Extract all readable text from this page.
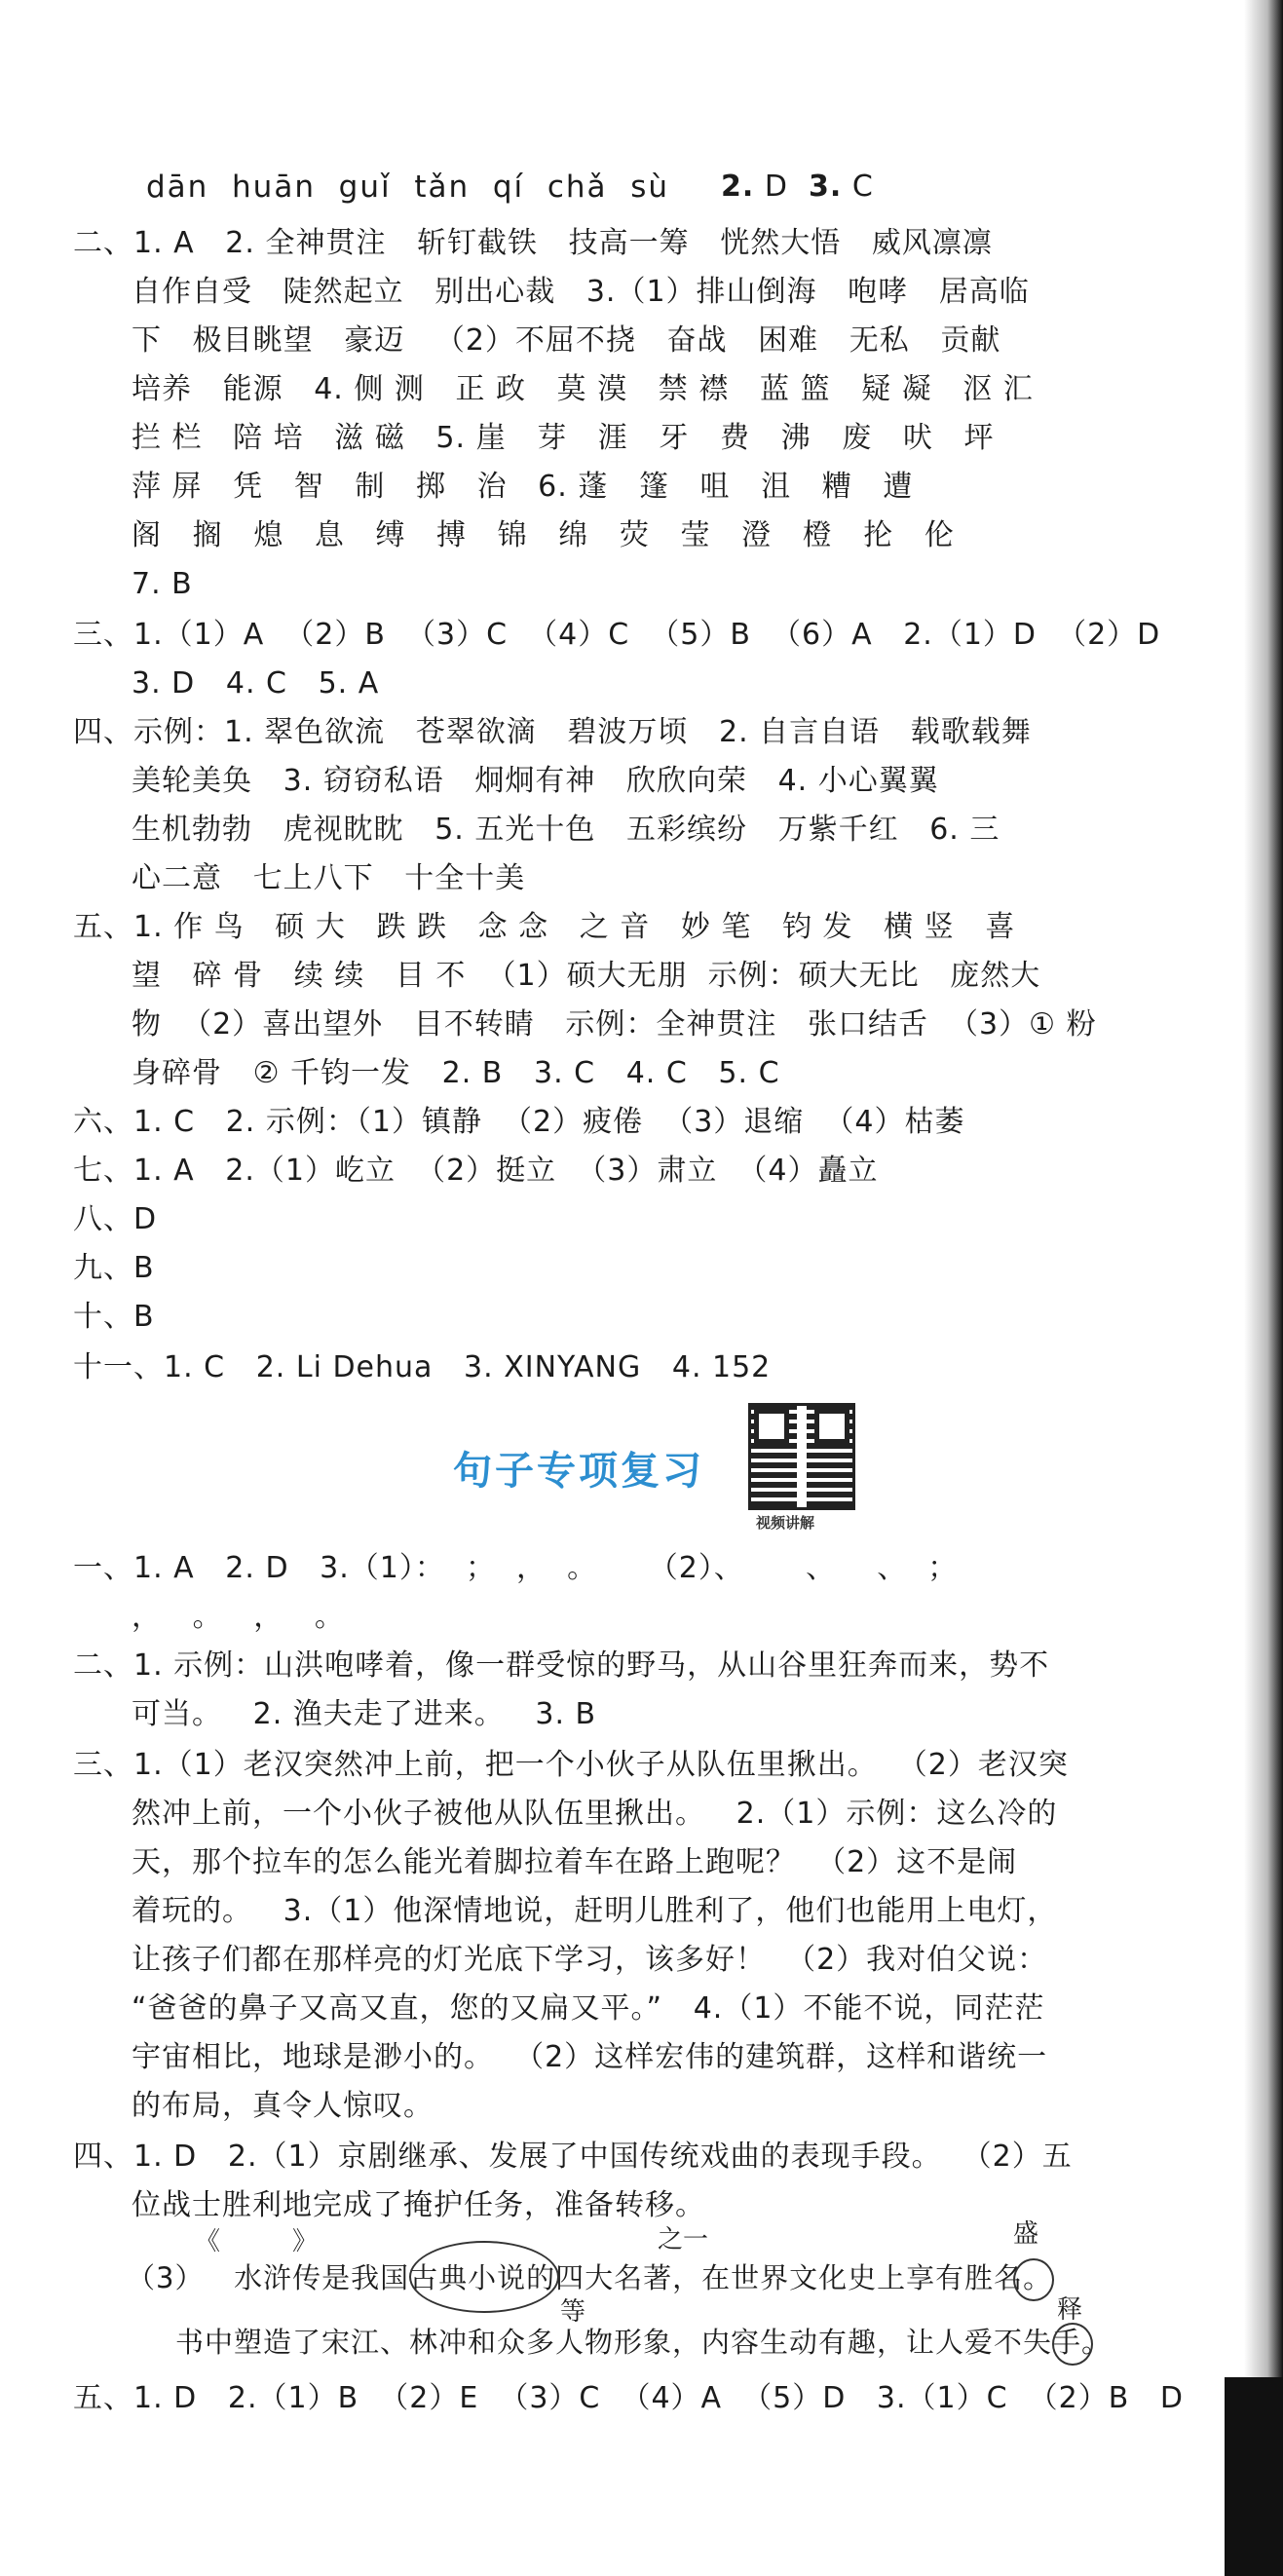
dān  huān  guǐ  tǎn  qí  chǎ  sù 2. D  3. C
二、1. A   2. 全神贯注   斩钉截铁   技高一筹   恍然大悟   威风凛凛
自作自受   陡然起立   别出心裁   3.（1）排山倒海   咆哮   居高临
下   极目眺望   豪迈   （2）不屈不挠   奋战   困难   无私   贡献
培养   能源   4. 侧 测   正 政   莫 漠   禁 襟   蓝 篮   疑 凝   沤 汇
拦 栏   陪 培   滋 磁   5. 崖   芽   涯   牙   费   沸   废   吠   坪
萍 屏   凭   智   制   掷   治   6. 蓬   篷   咀   沮   糟   遭
阁   搁   熄   息   缚   搏   锦   绵   荧   莹   澄   橙   抡   伦
7. B
三、1.（1）A  （2）B  （3）C  （4）C  （5）B  （6）A   2.（1）D  （2）D
3. D   4. C   5. A
四、示例：1. 翠色欲流   苍翠欲滴   碧波万顷   2. 自言自语   载歌载舞
美轮美奂   3. 窃窃私语   炯炯有神   欣欣向荣   4. 小心翼翼
生机勃勃   虎视眈眈   5. 五光十色   五彩缤纷   万紫千红   6. 三
心二意   七上八下   十全十美
五、1. 作 鸟   硕 大   跌 跌   念 念   之 音   妙 笔   钧 发   横 竖   喜
望   碎 骨   续 续   目 不  （1）硕大无朋  示例：硕大无比   庞然大
物  （2）喜出望外   目不转睛   示例：全神贯注   张口结舌  （3）① 粉
身碎骨   ② 千钧一发   2. B   3. C   4. C   5. C
六、1. C   2. 示例：（1）镇静  （2）疲倦  （3）退缩  （4）枯萎
七、1. A   2.（1）屹立  （2）挺立  （3）肃立  （4）矗立
八、D
九、B
十、B
十一、1. C   2. Li Dehua   3. XINYANG   4. 152
句子专项复习
视频讲解
一、1. A   2. D   3.（1）：  ；  ，  。     （2）、      、    、  ；
，   。   ，   。
二、1. 示例：山洪咆哮着，像一群受惊的野马，从山谷里狂奔而来，势不
可当。   2. 渔夫走了进来。   3. B
三、1.（1）老汉突然冲上前，把一个小伙子从队伍里揪出。  （2）老汉突
然冲上前，一个小伙子被他从队伍里揪出。   2.（1）示例：这么冷的
天，那个拉车的怎么能光着脚拉着车在路上跑呢？  （2）这不是闹
着玩的。   3.（1）他深情地说，赶明儿胜利了，他们也能用上电灯，
让孩子们都在那样亮的灯光底下学习，该多好！  （2）我对伯父说：
“爸爸的鼻子又高又直，您的又扁又平。”   4.（1）不能不说，同茫茫
宇宙相比，地球是渺小的。  （2）这样宏伟的建筑群，这样和谐统一
的布局，真令人惊叹。
四、1. D   2.（1）京剧继承、发展了中国传统戏曲的表现手段。  （2）五
位战士胜利地完成了掩护任务，准备转移。
《	》	之一	盛
（3）   水浒传是我国古典小说的四大名著，在世界文化史上享有胜名。
等	释
书中塑造了宋江、林冲和众多人物形象，内容生动有趣，让人爱不失手。
五、1. D   2.（1）B  （2）E  （3）C  （4）A  （5）D   3.（1）C  （2）B   D
